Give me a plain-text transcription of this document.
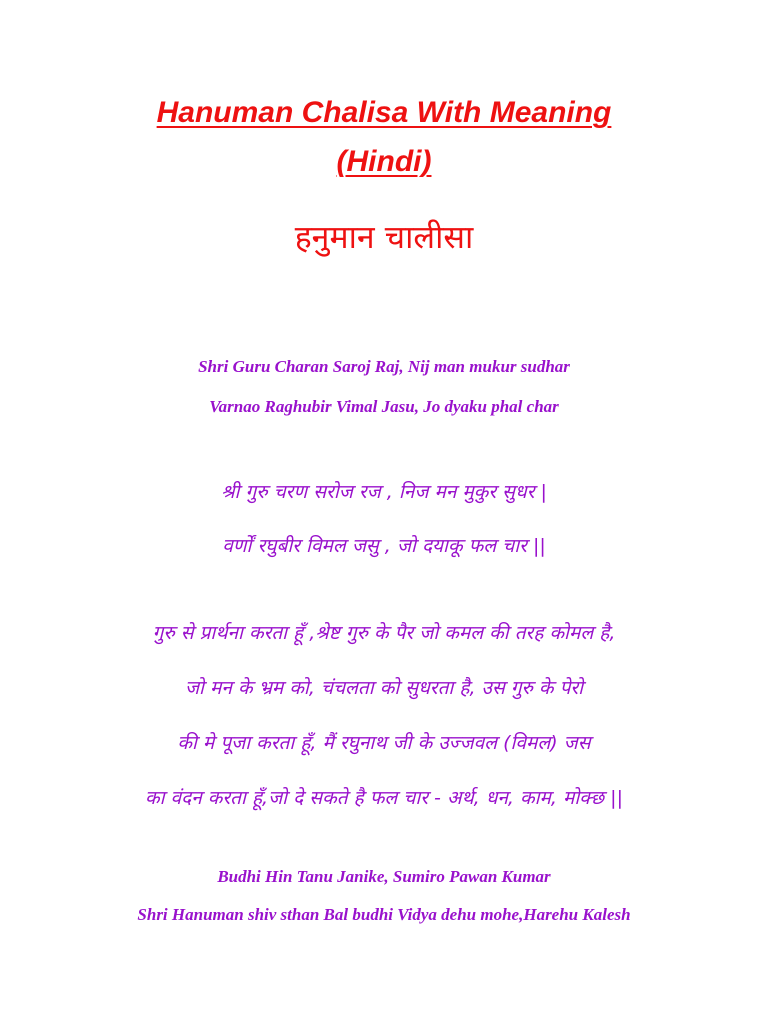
Hanuman Chalisa With Meaning
(Hindi)
हनुमान चालीसा
Shri Guru Charan Saroj Raj, Nij man mukur sudhar
Varnao Raghubir Vimal Jasu, Jo dyaku phal char
श्री गुरु चरण सरोज रज , निज मन मुकुर सुधर |
वर्णों रघुबीर विमल जसु , जो दयाकू फल चार ||
गुरु से प्रार्थना करता हूँ ,श्रेष्ट गुरु के पैर जो कमल की तरह कोमल है,
जो मन के भ्रम को, चंचलता को सुधरता है, उस गुरु के पेरो
की मे पूजा करता हूँ, मैं रघुनाथ जी के उज्जवल (विमल) जस
का वंदन करता हूँ,जो दे सकते है फल चार - अर्थ, धन, काम, मोक्छ ||
Budhi Hin Tanu Janike, Sumiro Pawan Kumar
Shri Hanuman shiv sthan Bal budhi Vidya dehu mohe,Harehu Kalesh
